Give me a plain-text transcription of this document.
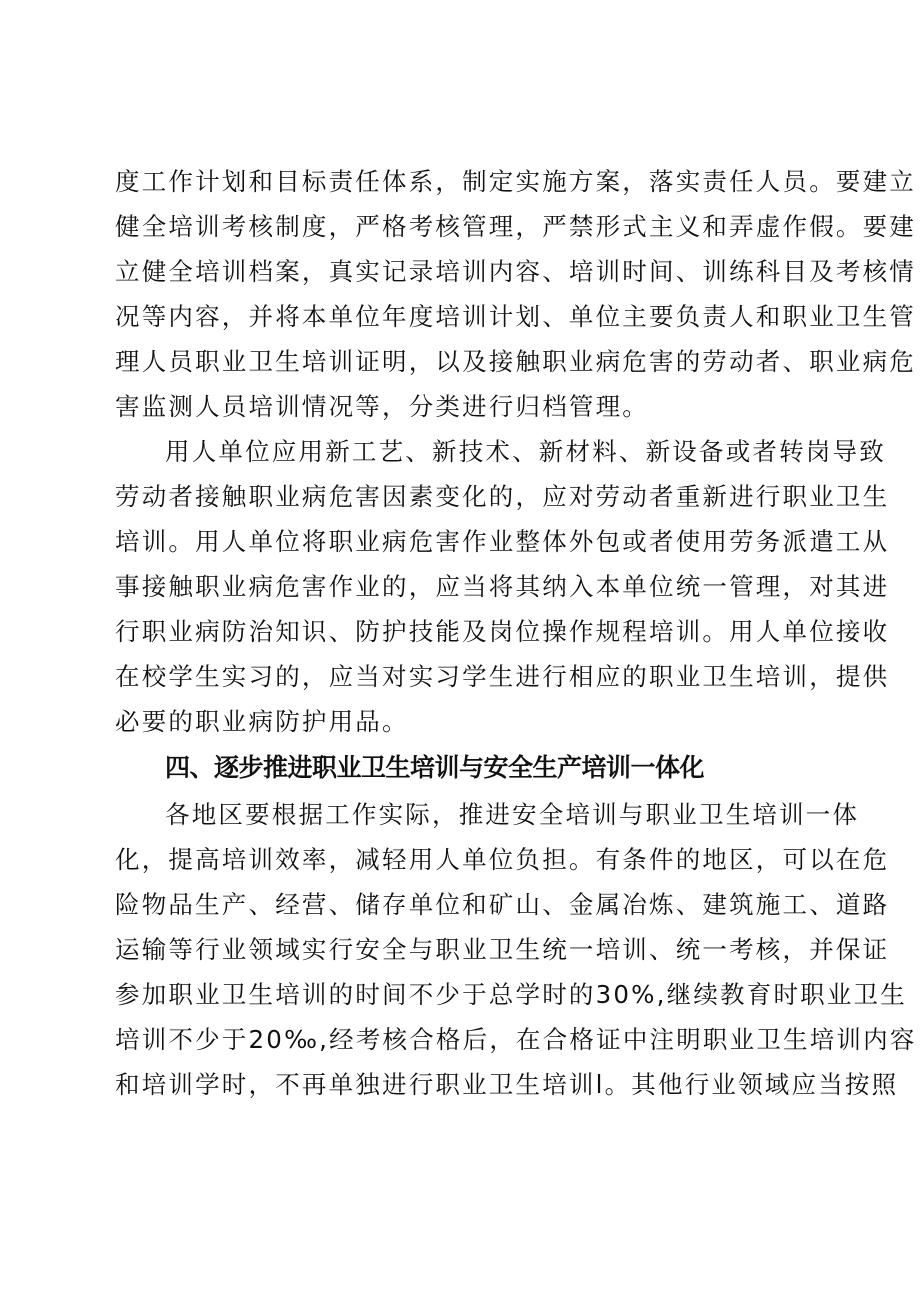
度工作计划和目标责任体系，制定实施方案，落实责任人员。要建立
健全培训考核制度，严格考核管理，严禁形式主义和弄虚作假。要建
立健全培训档案，真实记录培训内容、培训时间、训练科目及考核情
况等内容，并将本单位年度培训计划、单位主要负责人和职业卫生管
理人员职业卫生培训证明，以及接触职业病危害的劳动者、职业病危
害监测人员培训情况等，分类进行归档管理。
用人单位应用新工艺、新技术、新材料、新设备或者转岗导致
劳动者接触职业病危害因素变化的，应对劳动者重新进行职业卫生
培训。用人单位将职业病危害作业整体外包或者使用劳务派遣工从
事接触职业病危害作业的，应当将其纳入本单位统一管理，对其进
行职业病防治知识、防护技能及岗位操作规程培训。用人单位接收
在校学生实习的，应当对实习学生进行相应的职业卫生培训，提供
必要的职业病防护用品。
四、逐步推进职业卫生培训与安全生产培训一体化
各地区要根据工作实际，推进安全培训与职业卫生培训一体
化，提高培训效率，减轻用人单位负担。有条件的地区，可以在危
险物品生产、经营、储存单位和矿山、金属冶炼、建筑施工、道路
运输等行业领域实行安全与职业卫生统一培训、统一考核，并保证
参加职业卫生培训的时间不少于总学时的30%,继续教育时职业卫生
培训不少于20‰,经考核合格后，在合格证中注明职业卫生培训内容
和培训学时，不再单独进行职业卫生培训l。其他行业领域应当按照
